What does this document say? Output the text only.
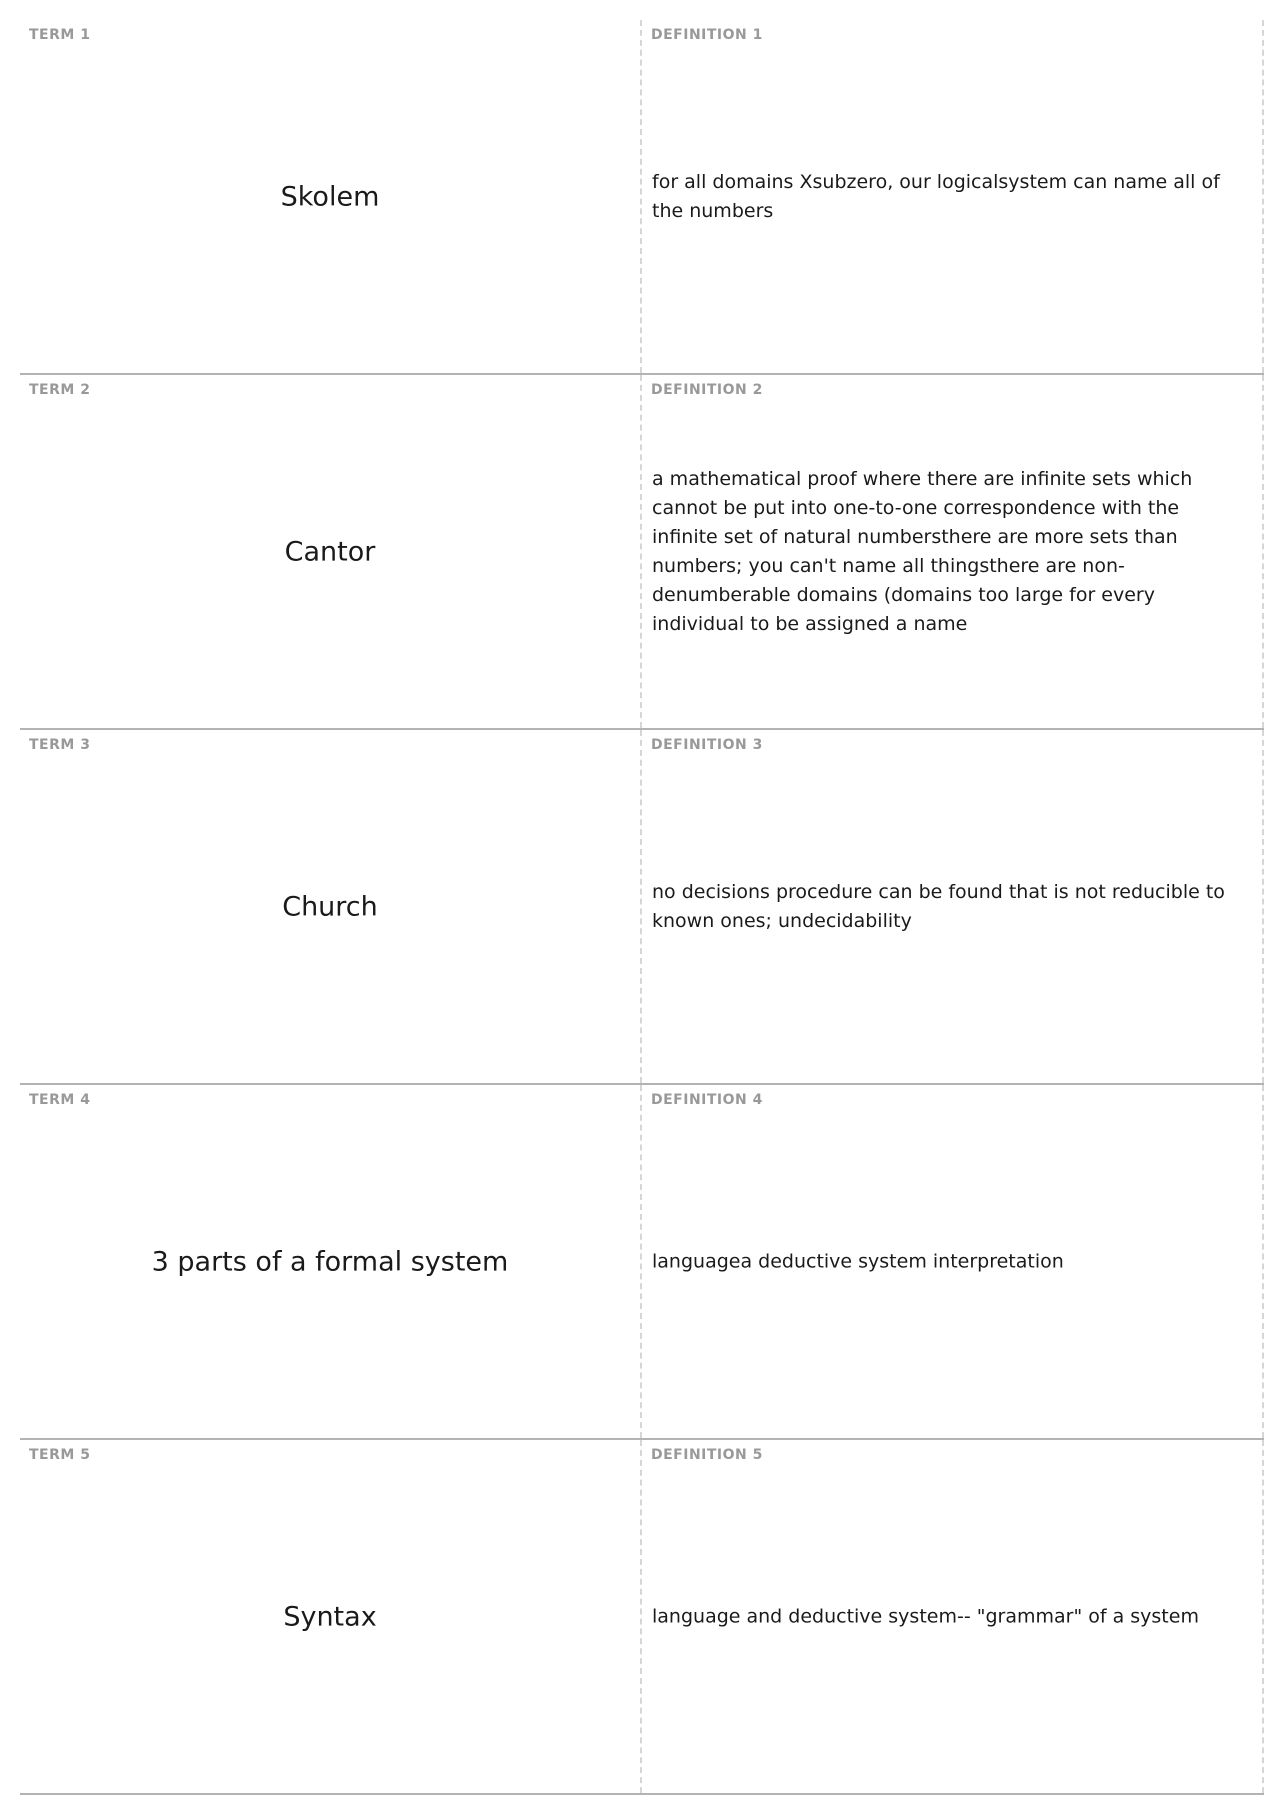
TERM 1
Skolem
DEFINITION 1
for all domains Xsubzero, our logicalsystem can name all of the numbers
TERM 2
Cantor
DEFINITION 2
a mathematical proof where there are infinite sets which cannot be put into one-to-one correspondence with the infinite set of natural numbersthere are more sets than numbers; you can't name all thingsthere are non-denumberable domains (domains too large for every individual to be assigned a name
TERM 3
Church
DEFINITION 3
no decisions procedure can be found that is not reducible to known ones; undecidability
TERM 4
3 parts of a formal system
DEFINITION 4
languagea deductive system interpretation
TERM 5
Syntax
DEFINITION 5
language and deductive system-- "grammar" of a system
